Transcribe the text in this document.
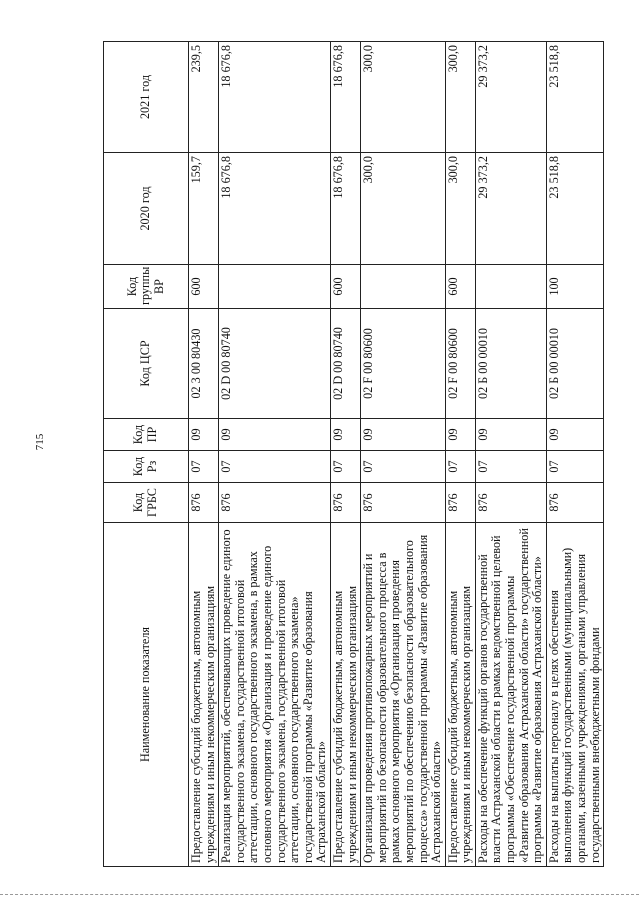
715
Наименование показателя	Код ГРБС	Код Рз	Код ПР	Код ЦСР	Код группы ВР	2020 год	2021 год
Предоставление субсидий бюджетным, автономным учреждениям и иным некоммерческим организациям	876	07	09	02 3 00 80430	600	159,7	239,5
Реализация мероприятий, обеспечивающих проведение единого государственного экзамена, государственной итоговой аттестации, основного государственного экзамена, в рамках основного мероприятия «Организация и проведение единого государственного экзамена, государственной итоговой аттестации, основного государственного экзамена» государственной программы «Развитие образования Астраханской области»	876	07	09	02 D 00 80740		18 676,8	18 676,8
Предоставление субсидий бюджетным, автономным учреждениям и иным некоммерческим организациям	876	07	09	02 D 00 80740	600	18 676,8	18 676,8
Организация проведения противопожарных мероприятий и мероприятий по безопасности образовательного процесса в рамках основного мероприятия «Организация проведения мероприятий по обеспечению безопасности образовательного процесса» государственной программы «Развитие образования Астраханской области»	876	07	09	02 F 00 80600		300,0	300,0
Предоставление субсидий бюджетным, автономным учреждениям и иным некоммерческим организациям	876	07	09	02 F 00 80600	600	300,0	300,0
Расходы на обеспечение функций органов государственной власти Астраханской области в рамках ведомственной целевой программы «Обеспечение государственной программы «Развитие образования Астраханской области» государственной программы «Развитие образования Астраханской области»	876	07	09	02 Б 00 00010		29 373,2	29 373,2
Расходы на выплаты персоналу в целях обеспечения выполнения функций государственными (муниципальными) органами, казенными учреждениями, органами управления государственными внебюджетными фондами	876	07	09	02 Б 00 00010	100	23 518,8	23 518,8
